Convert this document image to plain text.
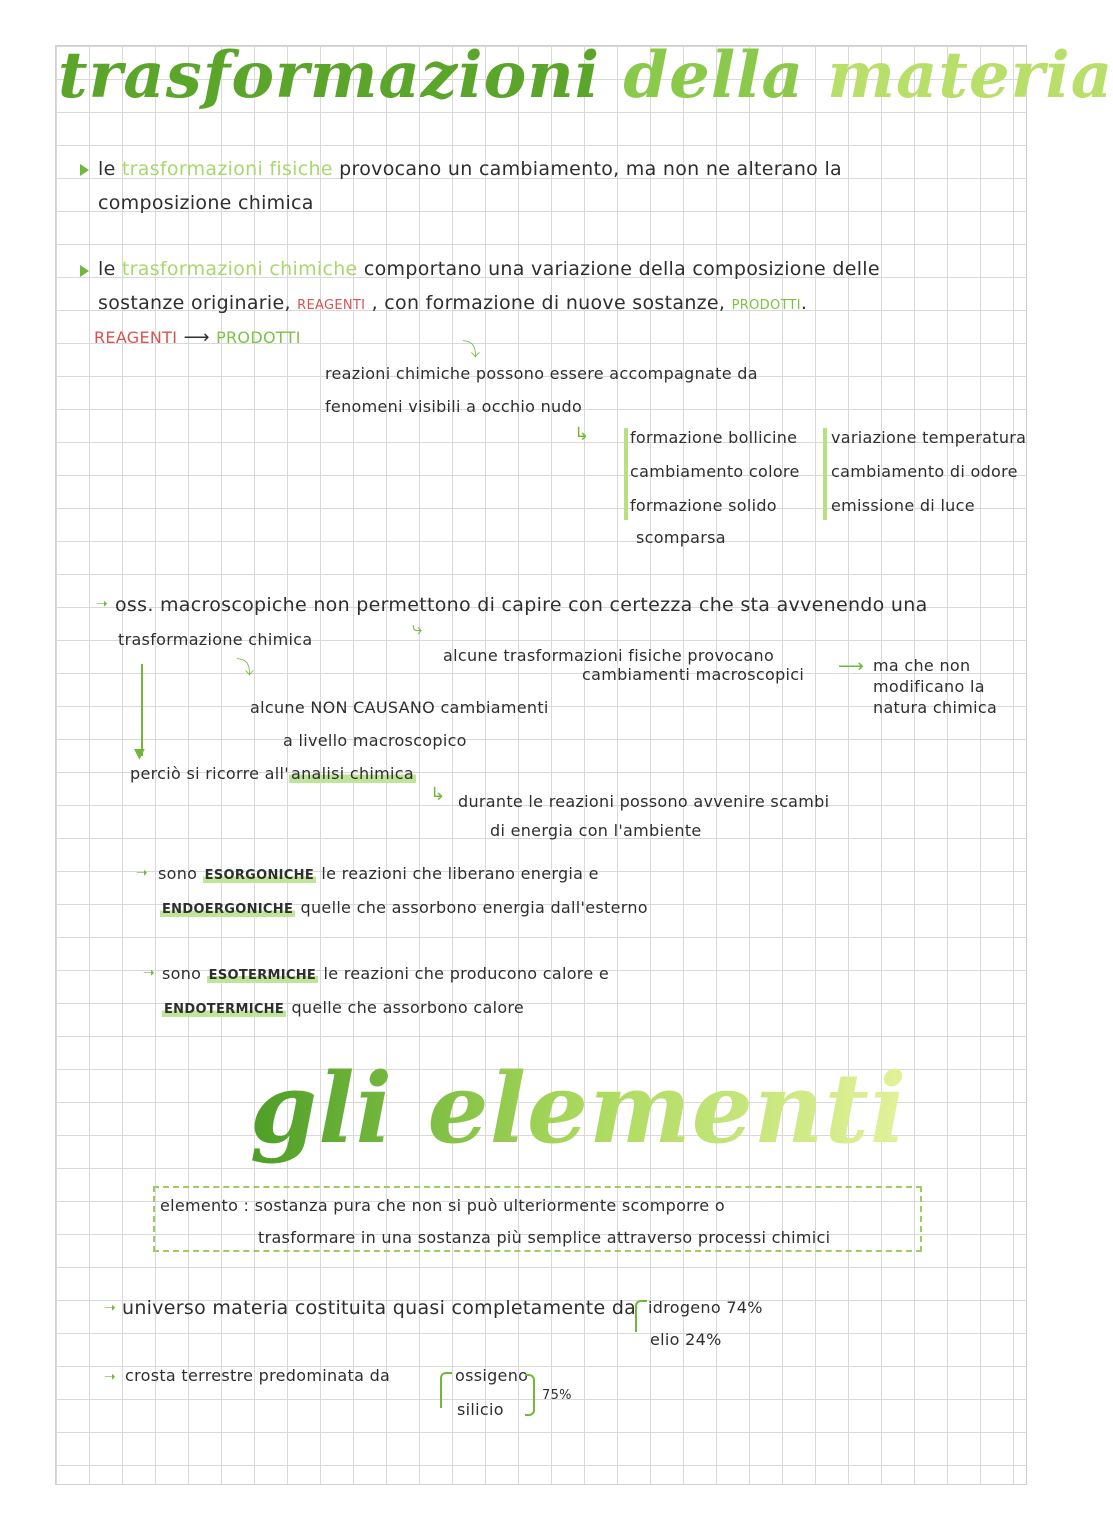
trasformazioni della materia
le trasformazioni fisiche provocano un cambiamento, ma non ne alterano la
composizione chimica
le trasformazioni chimiche comportano una variazione della composizione delle
sostanze originarie, REAGENTI , con formazione di nuove sostanze, PRODOTTI.
REAGENTI ⟶ PRODOTTI
⤵
reazioni chimiche possono essere accompagnate da
fenomeni visibili a occhio nudo
↳	formazione bollicine
cambiamento colore
formazione solido
scomparsa
variazione temperatura
cambiamento di odore
emissione di luce
➝ oss. macroscopiche non permettono di capire con certezza che sta avvenendo una
trasformazione chimica
⤷
alcune trasformazioni fisiche provocano
cambiamenti macroscopici ⟶ ma che non
modificano la
natura chimica
⤵
alcune NON CAUSANO cambiamenti
a livello macroscopico
▼
perciò si ricorre all' analisi chimica
↳ durante le reazioni possono avvenire scambi
di energia con l'ambiente
➝ sono ESORGONICHE le reazioni che liberano energia e
ENDOERGONICHE quelle che assorbono energia dall'esterno
➝ sono ESOTERMICHE le reazioni che producono calore e
ENDOTERMICHE quelle che assorbono calore
gli elementi
elemento : sostanza pura che non si può ulteriormente scomporre o
trasformare in una sostanza più semplice attraverso processi chimici
➝ universo materia costituita quasi completamente da idrogeno 74%
elio 24%
➝ crosta terrestre predominata da	ossigeno
silicio
75%
